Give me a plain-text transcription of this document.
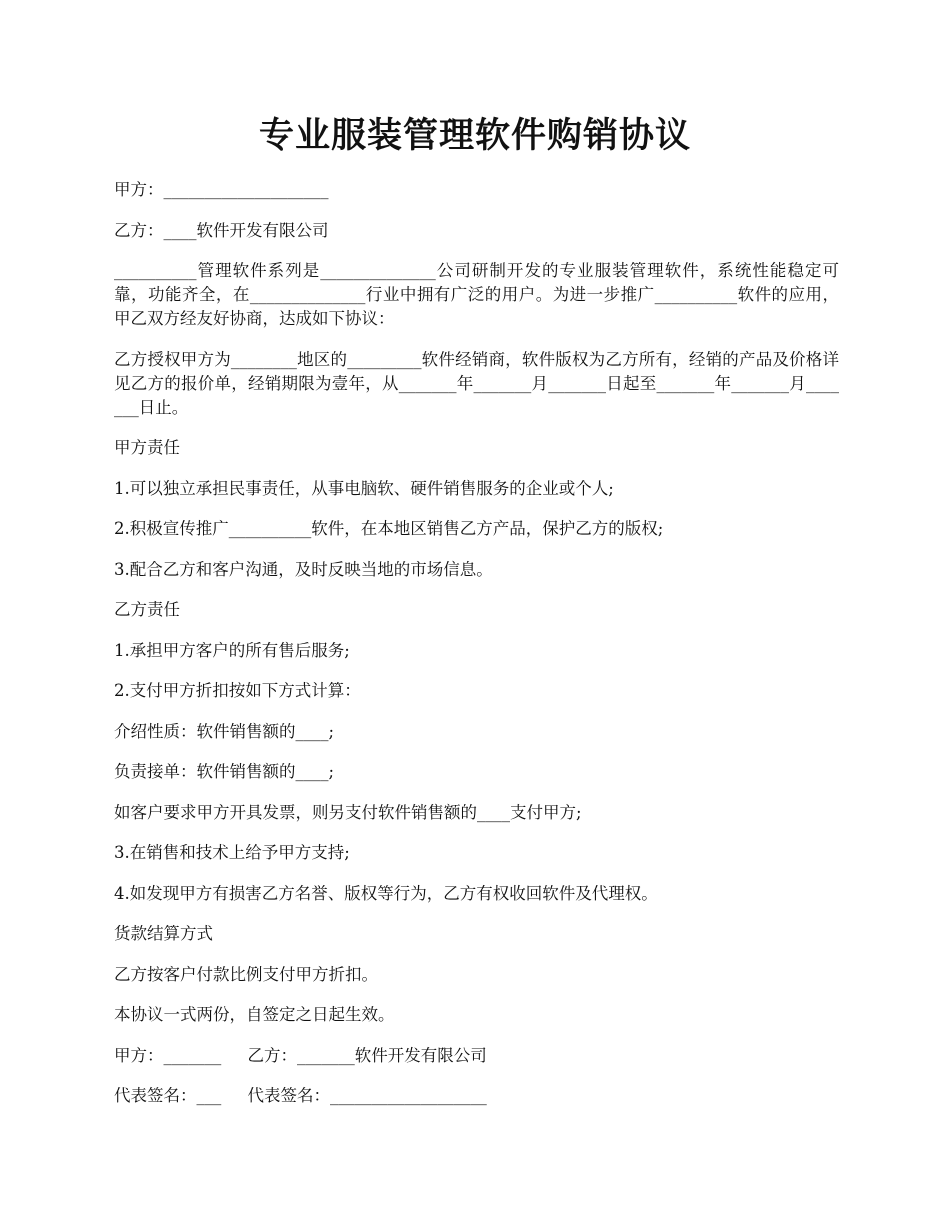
专业服装管理软件购销协议

甲方：____________________

乙方：____软件开发有限公司

__________管理软件系列是______________公司研制开发的专业服装管理软件，系统性能稳定可靠，功能齐全，在______________行业中拥有广泛的用户。为进一步推广__________软件的应用，甲乙双方经友好协商，达成如下协议：

乙方授权甲方为________地区的_________软件经销商，软件版权为乙方所有，经销的产品及价格详见乙方的报价单，经销期限为壹年，从_______年_______月_______日起至_______年_______月_______日止。

甲方责任

1.可以独立承担民事责任，从事电脑软、硬件销售服务的企业或个人;

2.积极宣传推广__________软件，在本地区销售乙方产品，保护乙方的版权;

3.配合乙方和客户沟通，及时反映当地的市场信息。

乙方责任

1.承担甲方客户的所有售后服务;

2.支付甲方折扣按如下方式计算：

介绍性质：软件销售额的____;

负责接单：软件销售额的____;

如客户要求甲方开具发票，则另支付软件销售额的____支付甲方;

3.在销售和技术上给予甲方支持;

4.如发现甲方有损害乙方名誉、版权等行为，乙方有权收回软件及代理权。

货款结算方式

乙方按客户付款比例支付甲方折扣。

本协议一式两份，自签定之日起生效。

甲方：_______     乙方：_______软件开发有限公司

代表签名：___     代表签名：___________________
